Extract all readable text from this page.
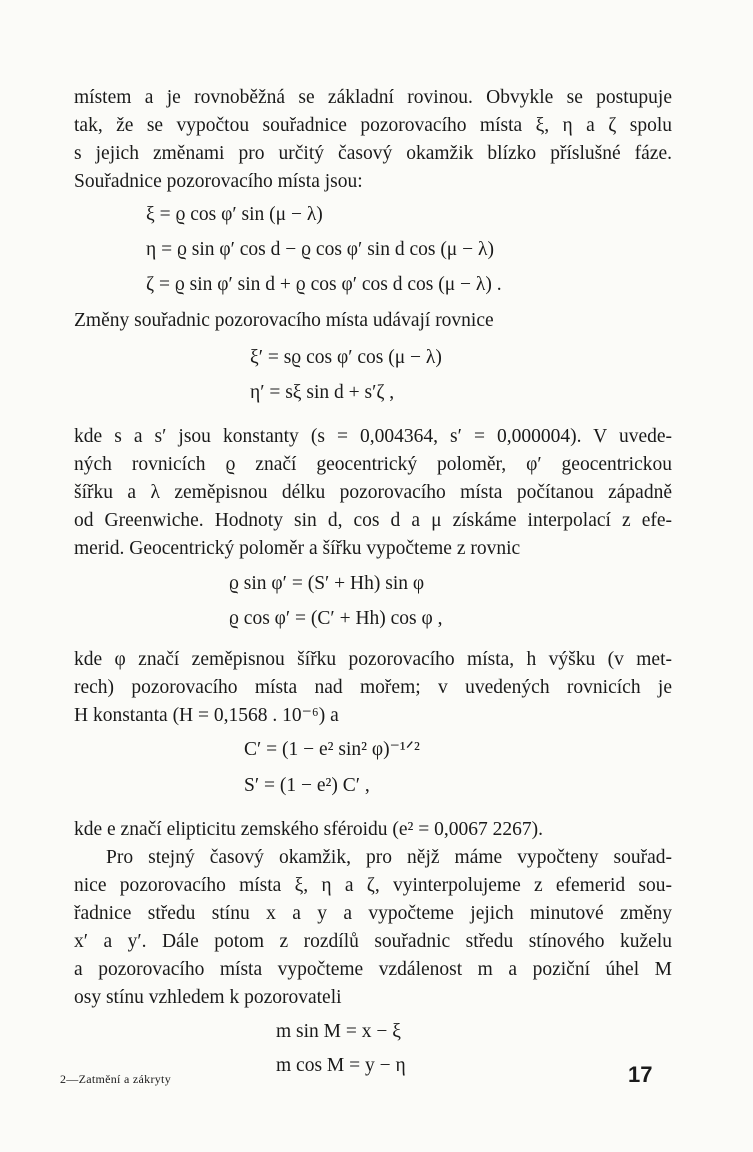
místem a je rovnoběžná se základní rovinou. Obvykle se postupuje
tak, že se vypočtou souřadnice pozorovacího místa ξ, η a ζ spolu
s jejich změnami pro určitý časový okamžik blízko příslušné fáze.
Souřadnice pozorovacího místa jsou:
ξ = ϱ cos φ′ sin (μ − λ)
η = ϱ sin φ′ cos d − ϱ cos φ′ sin d cos (μ − λ)
ζ = ϱ sin φ′ sin d + ϱ cos φ′ cos d cos (μ − λ) .
Změny souřadnic pozorovacího místa udávají rovnice
ξ′ = sϱ cos φ′ cos (μ − λ)
η′ = sξ sin d + s′ζ ,
kde s a s′ jsou konstanty (s = 0,004364, s′ = 0,000004). V uvede-
ných rovnicích ϱ značí geocentrický poloměr, φ′ geocentrickou
šířku a λ zeměpisnou délku pozorovacího místa počítanou západně
od Greenwiche. Hodnoty sin d, cos d a μ získáme interpolací z efe-
merid. Geocentrický poloměr a šířku vypočteme z rovnic
ϱ sin φ′ = (S′ + Hh) sin φ
ϱ cos φ′ = (C′ + Hh) cos φ ,
kde φ značí zeměpisnou šířku pozorovacího místa, h výšku (v met-
rech) pozorovacího místa nad mořem; v uvedených rovnicích je
H konstanta (H = 0,1568 . 10⁻⁶) a
C′ = (1 − e² sin² φ)⁻¹ᐟ²
S′ = (1 − e²) C′ ,
kde e značí elipticitu zemského sféroidu (e² = 0,0067 2267).
Pro stejný časový okamžik, pro nějž máme vypočteny souřad-
nice pozorovacího místa ξ, η a ζ, vyinterpolujeme z efemerid sou-
řadnice středu stínu x a y a vypočteme jejich minutové změny
x′ a y′. Dále potom z rozdílů souřadnic středu stínového kuželu
a pozorovacího místa vypočteme vzdálenost m a poziční úhel M
osy stínu vzhledem k pozorovateli
m sin M = x − ξ
m cos M = y − η
2—Zatmění a zákryty	17
